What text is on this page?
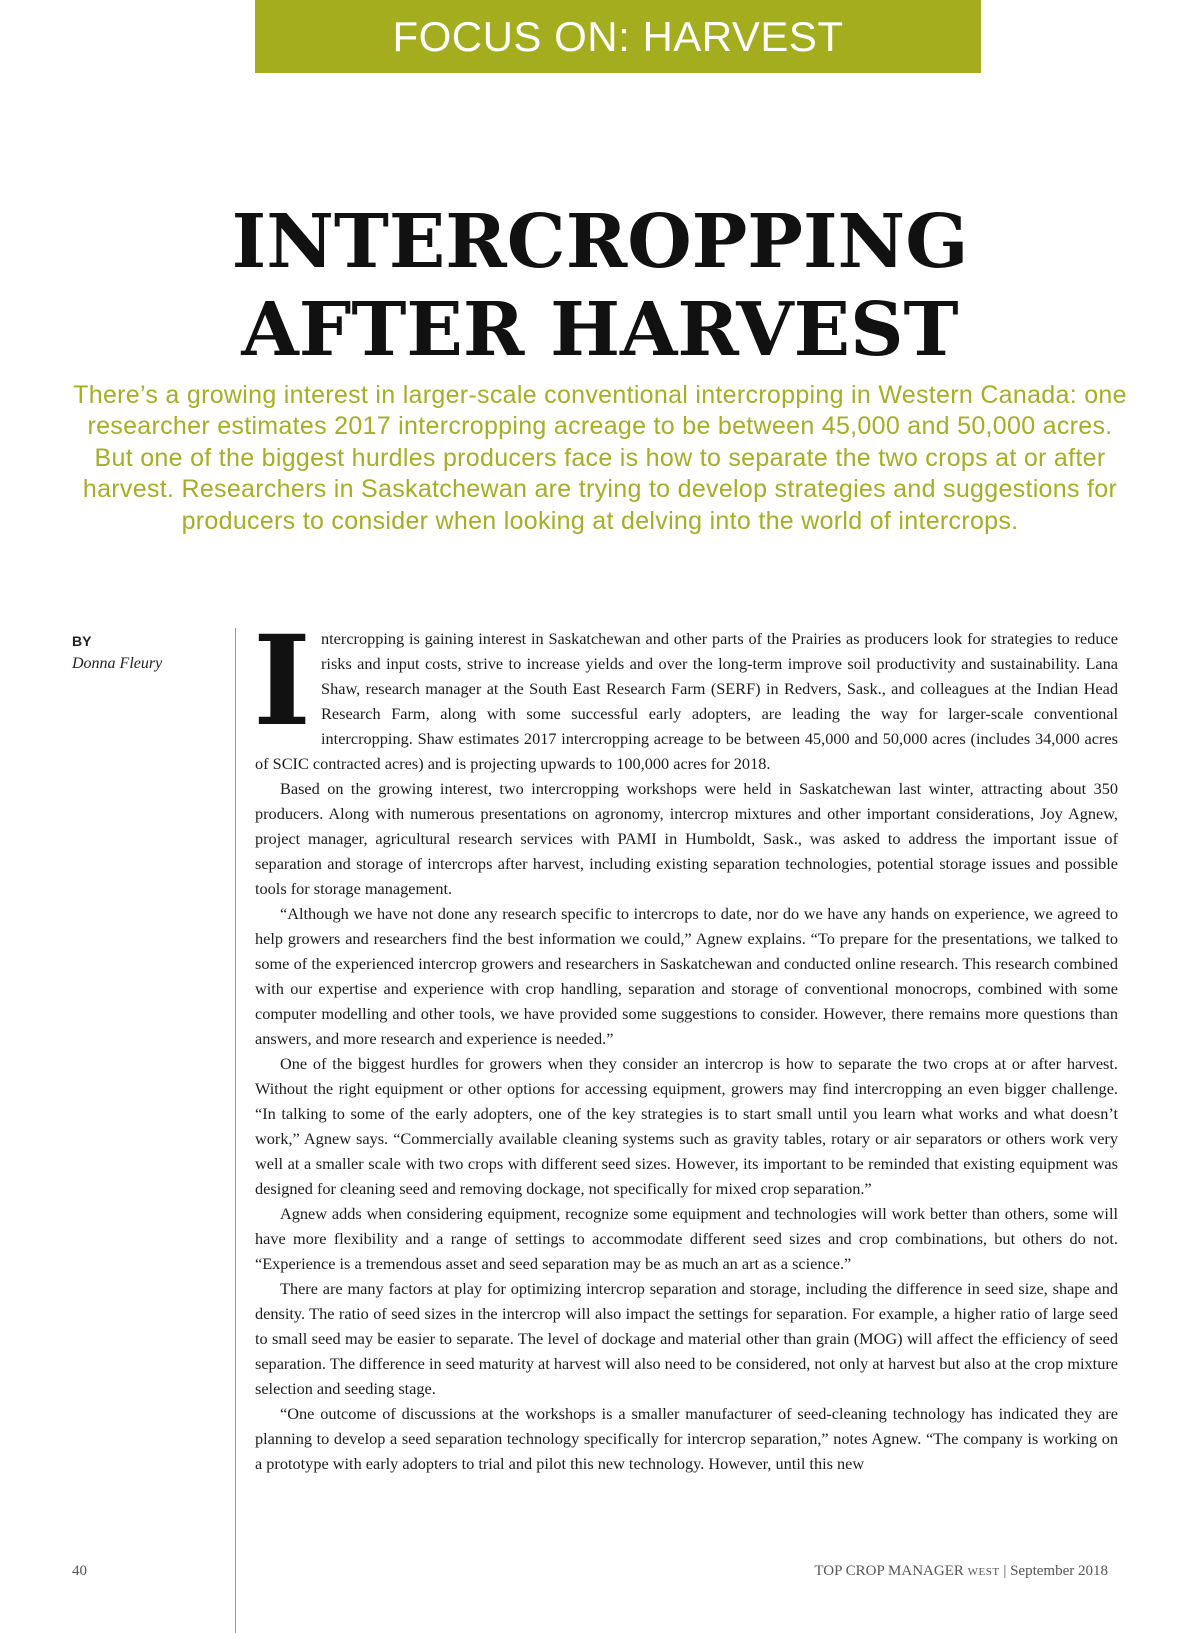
FOCUS ON: HARVEST
INTERCROPPING
AFTER HARVEST
There’s a growing interest in larger-scale conventional intercropping in Western Canada: one researcher estimates 2017 intercropping acreage to be between 45,000 and 50,000 acres. But one of the biggest hurdles producers face is how to separate the two crops at or after harvest. Researchers in Saskatchewan are trying to develop strategies and suggestions for producers to consider when looking at delving into the world of intercrops.
BY
Donna Fleury Intercropping is gaining interest in Saskatchewan and other parts of the Prairies as producers look for strategies to reduce risks and input costs, strive to increase yields and over the long-term improve soil productivity and sustainability. Lana Shaw, research manager at the South East Research Farm (SERF) in Redvers, Sask., and colleagues at the Indian Head Research Farm, along with some successful early adopters, are leading the way for larger-scale conventional intercropping. Shaw estimates 2017 intercropping acreage to be between 45,000 and 50,000 acres (includes 34,000 acres of SCIC contracted acres) and is projecting upwards to 100,000 acres for 2018.

Based on the growing interest, two intercropping workshops were held in Saskatchewan last winter, attracting about 350 producers. Along with numerous presentations on agronomy, intercrop mixtures and other important considerations, Joy Agnew, project manager, agricultural research services with PAMI in Humboldt, Sask., was asked to address the important issue of separation and storage of intercrops after harvest, including existing separation technologies, potential storage issues and possible tools for storage management.

“Although we have not done any research specific to intercrops to date, nor do we have any hands on experience, we agreed to help growers and researchers find the best information we could,” Agnew explains. “To prepare for the presentations, we talked to some of the experienced intercrop growers and researchers in Saskatchewan and conducted online research. This research combined with our expertise and experience with crop handling, separation and storage of conventional monocrops, combined with some computer modelling and other tools, we have provided some suggestions to consider. However, there remains more questions than answers, and more research and experience is needed.”

One of the biggest hurdles for growers when they consider an intercrop is how to separate the two crops at or after harvest. Without the right equipment or other options for accessing equipment, growers may find intercropping an even bigger challenge. “In talking to some of the early adopters, one of the key strategies is to start small until you learn what works and what doesn’t work,” Agnew says. “Commercially available cleaning systems such as gravity tables, rotary or air separators or others work very well at a smaller scale with two crops with different seed sizes. However, its important to be reminded that existing equipment was designed for cleaning seed and removing dockage, not specifically for mixed crop separation.”

Agnew adds when considering equipment, recognize some equipment and technologies will work better than others, some will have more flexibility and a range of settings to accommodate different seed sizes and crop combinations, but others do not. “Experience is a tremendous asset and seed separation may be as much an art as a science.”

There are many factors at play for optimizing intercrop separation and storage, including the difference in seed size, shape and density. The ratio of seed sizes in the intercrop will also impact the settings for separation. For example, a higher ratio of large seed to small seed may be easier to separate. The level of dockage and material other than grain (MOG) will affect the efficiency of seed separation. The difference in seed maturity at harvest will also need to be considered, not only at harvest but also at the crop mixture selection and seeding stage.

“One outcome of discussions at the workshops is a smaller manufacturer of seed-cleaning technology has indicated they are planning to develop a seed separation technology specifically for intercrop separation,” notes Agnew. “The company is working on a prototype with early adopters to trial and pilot this new technology. However, until this new

40	TOP CROP MANAGER WEST | September 2018
